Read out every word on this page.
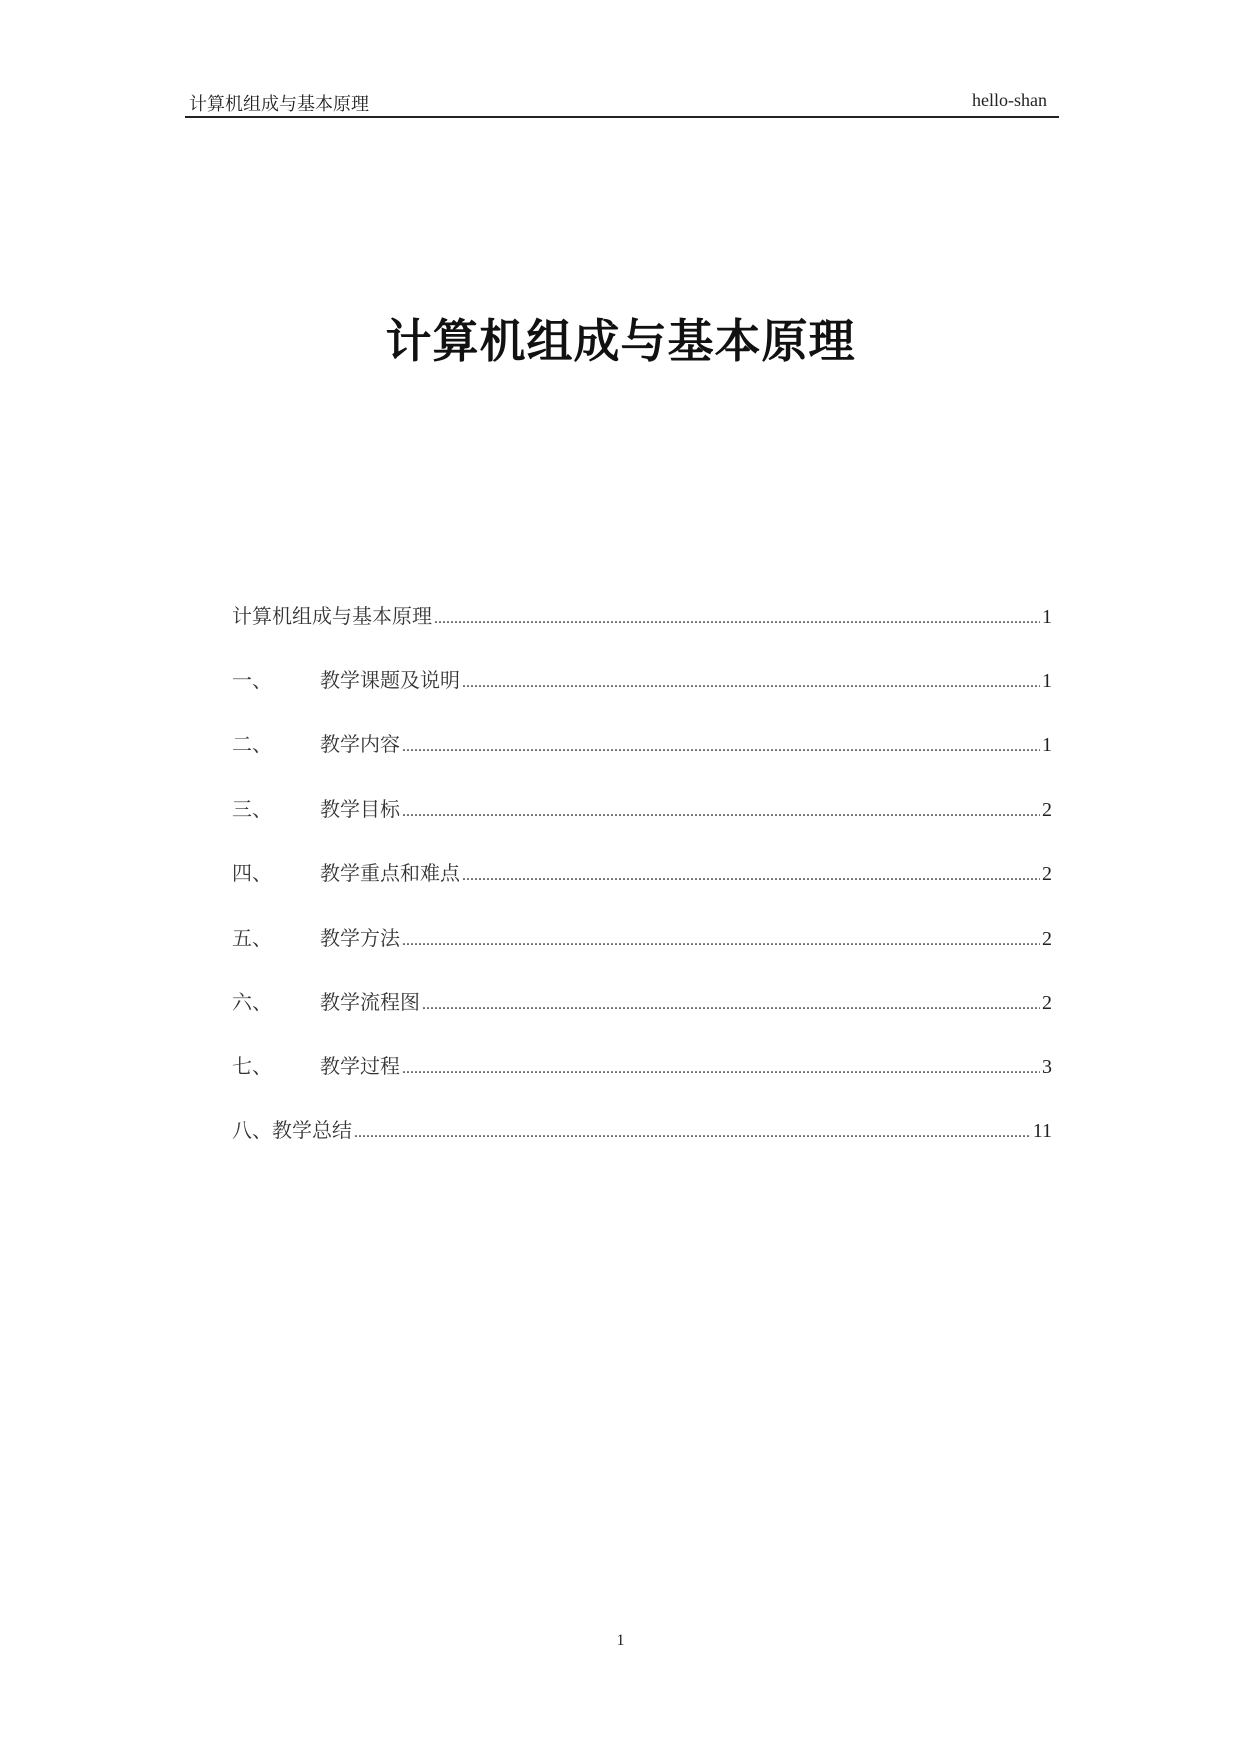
计算机组成与基本原理	hello-shan
计算机组成与基本原理
计算机组成与基本原理 .....	1
一、	教学课题及说明 .....	1
二、	教学内容 .....	1
三、	教学目标 .....	2
四、	教学重点和难点 .....	2
五、	教学方法 .....	2
六、	教学流程图 .....	2
七、	教学过程 .....	3
八、 教学总结 .....	11
1
